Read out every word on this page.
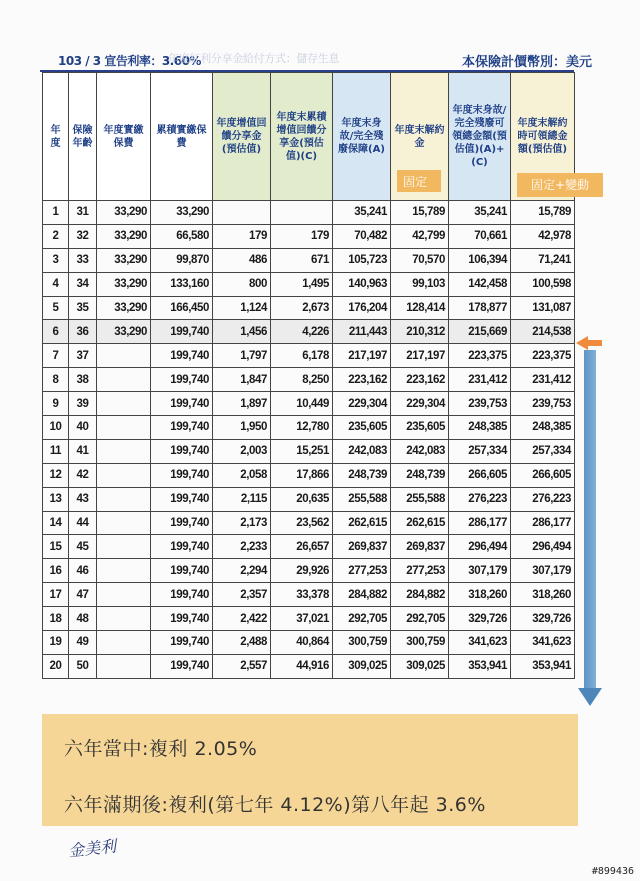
103 / 3 宣告利率：3.60%
年度紅利分享金給付方式：儲存生息	本保險計價幣別：美元
年度	保險年齡	年度實繳保費	累積實繳保費	年度增值回饋分享金(預估值)	年度末累積增值回饋分享金(預估值)(C)	年度末身故/完全殘廢保障(A)	年度末解約金	年度末身故/完全殘廢可領總金額(預估值)(A)+(C)	年度末解約時可領總金額(預估值)
1	31	33,290	33,290			35,241	15,789	35,241	15,789
2	32	33,290	66,580	179	179	70,482	42,799	70,661	42,978
3	33	33,290	99,870	486	671	105,723	70,570	106,394	71,241
4	34	33,290	133,160	800	1,495	140,963	99,103	142,458	100,598
5	35	33,290	166,450	1,124	2,673	176,204	128,414	178,877	131,087
6	36	33,290	199,740	1,456	4,226	211,443	210,312	215,669	214,538
7	37		199,740	1,797	6,178	217,197	217,197	223,375	223,375
8	38		199,740	1,847	8,250	223,162	223,162	231,412	231,412
9	39		199,740	1,897	10,449	229,304	229,304	239,753	239,753
10	40		199,740	1,950	12,780	235,605	235,605	248,385	248,385
11	41		199,740	2,003	15,251	242,083	242,083	257,334	257,334
12	42		199,740	2,058	17,866	248,739	248,739	266,605	266,605
13	43		199,740	2,115	20,635	255,588	255,588	276,223	276,223
14	44		199,740	2,173	23,562	262,615	262,615	286,177	286,177
15	45		199,740	2,233	26,657	269,837	269,837	296,494	296,494
16	46		199,740	2,294	29,926	277,253	277,253	307,179	307,179
17	47		199,740	2,357	33,378	284,882	284,882	318,260	318,260
18	48		199,740	2,422	37,021	292,705	292,705	329,726	329,726
19	49		199,740	2,488	40,864	300,759	300,759	341,623	341,623
20	50		199,740	2,557	44,916	309,025	309,025	353,941	353,941
固定	固定+變動
六年當中:複利 2.05%
六年滿期後:複利(第七年 4.12%)第八年起 3.6%
金美利
#899436
